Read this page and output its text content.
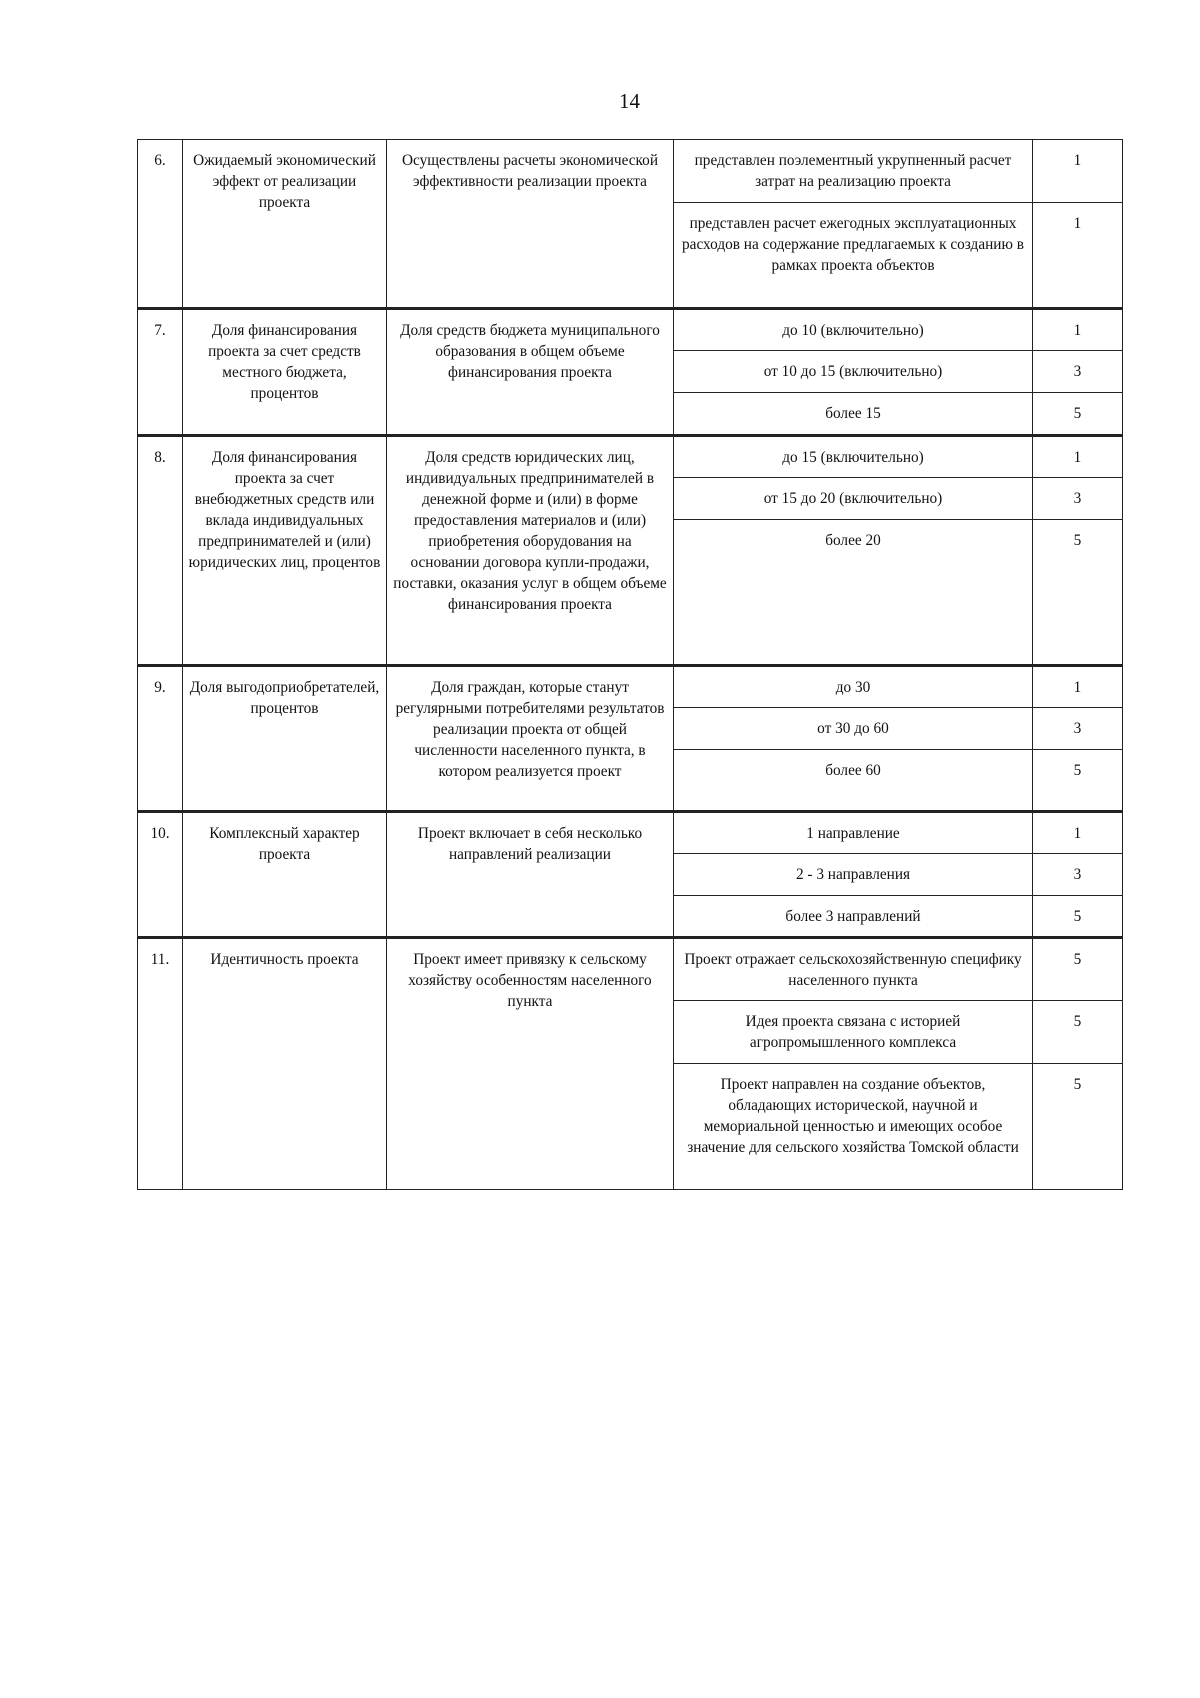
14
6.	Ожидаемый экономический эффект от реализации проекта	Осуществлены расчеты экономической эффективности реализации проекта	представлен поэлементный укрупненный расчет затрат на реализацию проекта	1
			представлен расчет ежегодных эксплуатационных расходов на содержание предлагаемых к созданию в рамках проекта объектов	1
7.	Доля финансирования проекта за счет средств местного бюджета, процентов	Доля средств бюджета муниципального образования в общем объеме финансирования проекта	до 10 (включительно)	1
			от 10 до 15 (включительно)	3
			более 15	5
8.	Доля финансирования проекта за счет внебюджетных средств или вклада индивидуальных предпринимателей и (или) юридических лиц, процентов	Доля средств юридических лиц, индивидуальных предпринимателей в денежной форме и (или) в форме предоставления материалов и (или) приобретения оборудования на основании договора купли-продажи, поставки, оказания услуг в общем объеме финансирования проекта	до 15 (включительно)	1
			от 15 до 20 (включительно)	3
			более 20	5
9.	Доля выгодоприобретателей, процентов	Доля граждан, которые станут регулярными потребителями результатов реализации проекта от общей численности населенного пункта, в котором реализуется проект	до 30	1
			от 30 до 60	3
			более 60	5
10.	Комплексный характер проекта	Проект включает в себя несколько направлений реализации	1 направление	1
			2 - 3 направления	3
			более 3 направлений	5
11.	Идентичность проекта	Проект имеет привязку к сельскому хозяйству особенностям населенного пункта	Проект отражает сельскохозяйственную специфику населенного пункта	5
			Идея проекта связана с историей агропромышленного комплекса	5
			Проект направлен на создание объектов, обладающих исторической, научной и мемориальной ценностью и имеющих особое значение для сельского хозяйства Томской области	5
